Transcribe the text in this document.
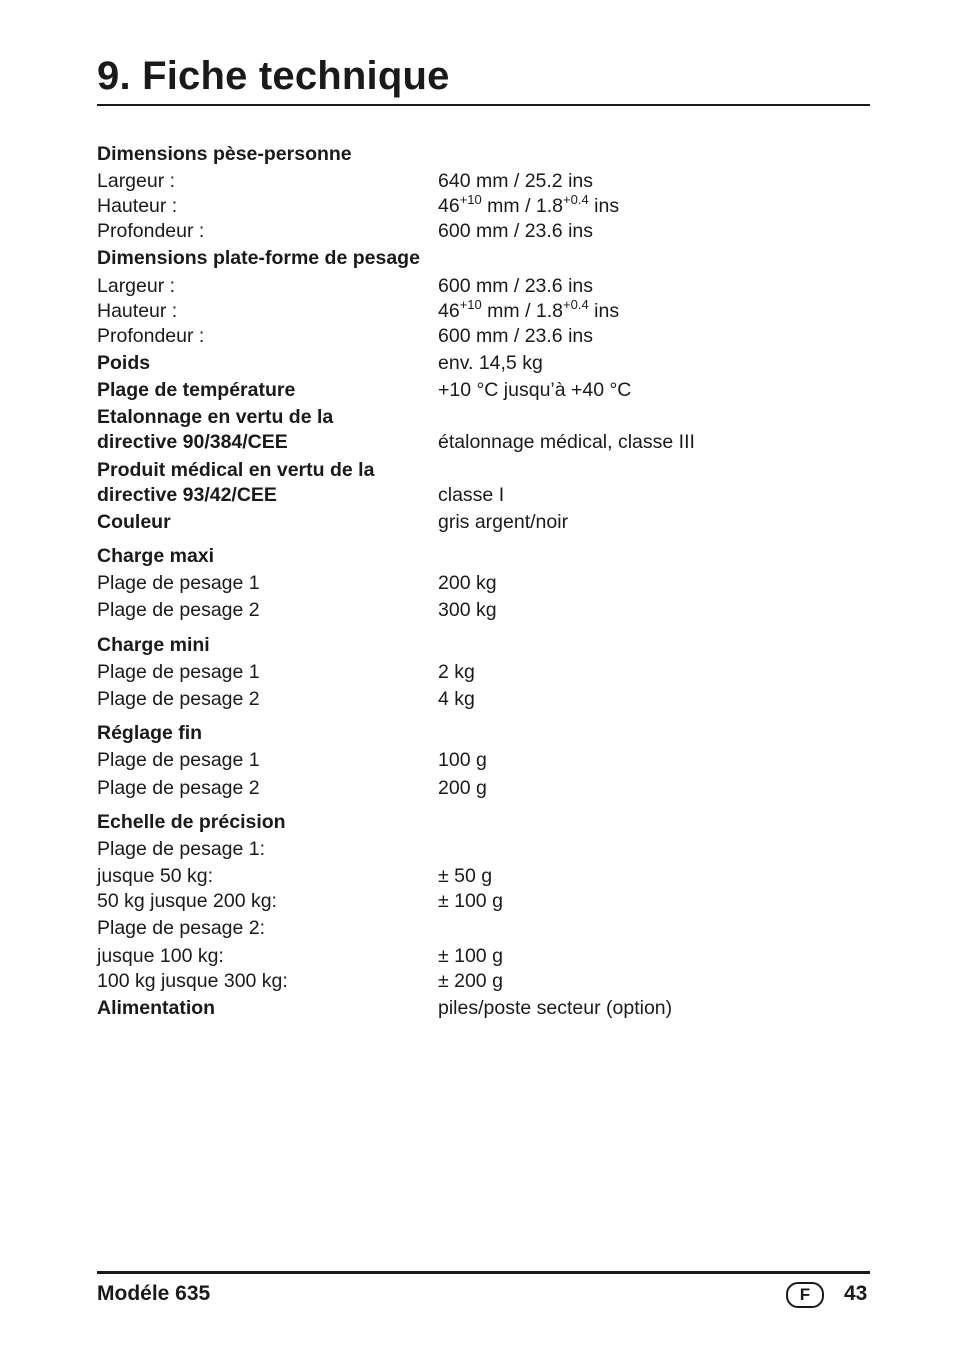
9. Fiche technique
Dimensions pèse-personne
Largeur :	640 mm / 25.2 ins
Hauteur :	$46^{+10}$ mm / $1.8^{+0.4}$ ins
Profondeur :	600 mm / 23.6 ins
Dimensions plate-forme de pesage
Largeur :	600 mm / 23.6 ins
Hauteur :	$46^{+10}$ mm / $1.8^{+0.4}$ ins
Profondeur :	600 mm / 23.6 ins
Poids	env. 14,5 kg
Plage de température	+10 °C jusqu’à +40 °C
Etalonnage en vertu de la
directive 90/384/CEE	étalonnage médical, classe III
Produit médical en vertu de la
directive 93/42/CEE	classe I
Couleur	gris argent/noir
Charge maxi
Plage de pesage 1	200 kg
Plage de pesage 2	300 kg
Charge mini
Plage de pesage 1	2 kg
Plage de pesage 2	4 kg
Réglage fin
Plage de pesage 1	100 g
Plage de pesage 2	200 g
Echelle de précision
Plage de pesage 1:
jusque 50 kg:	± 50 g
50 kg jusque 200 kg:	± 100 g
Plage de pesage 2:
jusque 100 kg:	± 100 g
100 kg jusque 300 kg:	± 200 g
Alimentation	piles/poste secteur (option)
Modéle 635	F	43
